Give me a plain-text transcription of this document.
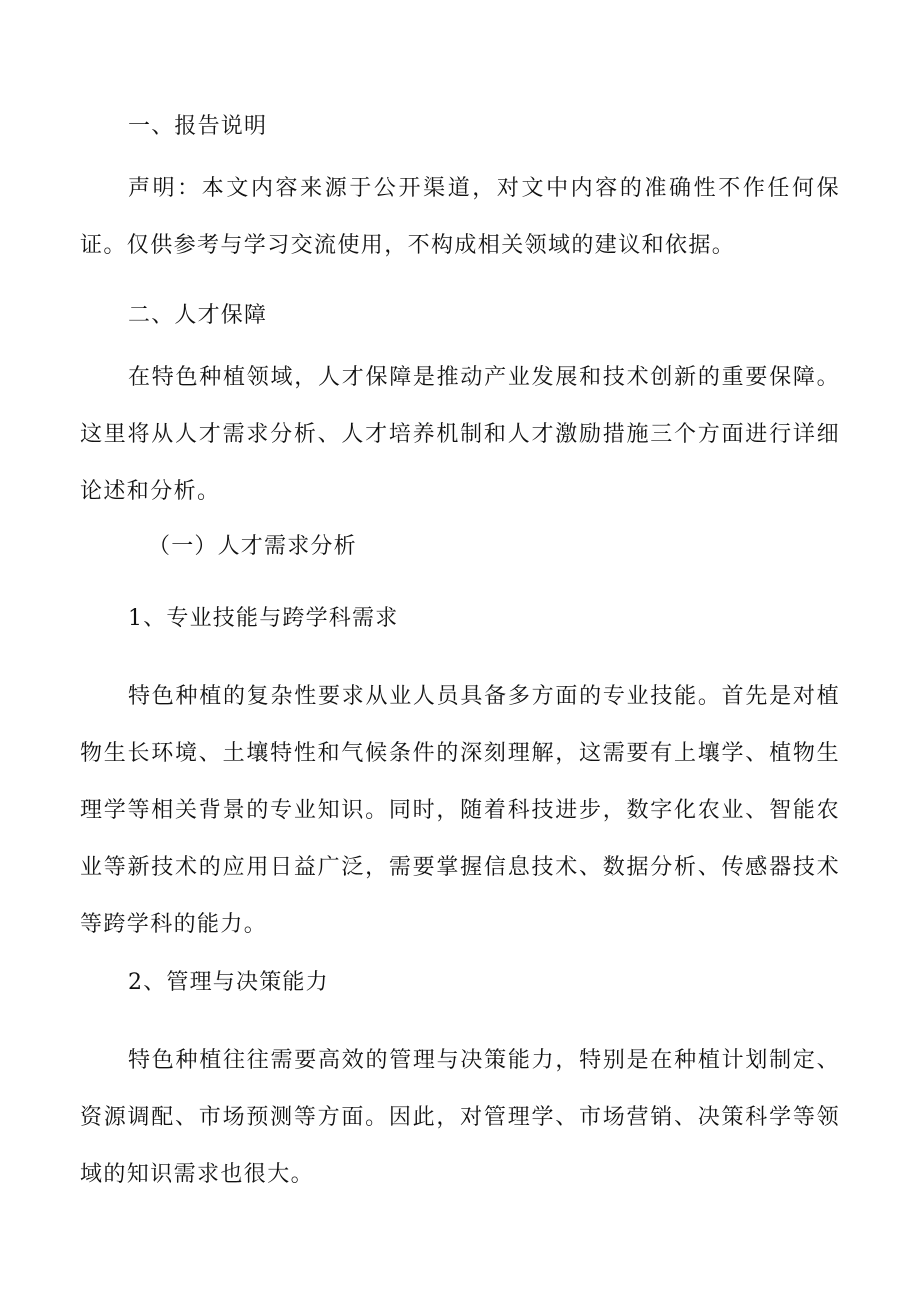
一、报告说明

声明：本文内容来源于公开渠道，对文中内容的准确性不作任何保证。仅供参考与学习交流使用，不构成相关领域的建议和依据。

二、人才保障

在特色种植领域，人才保障是推动产业发展和技术创新的重要保障。这里将从人才需求分析、人才培养机制和人才激励措施三个方面进行详细论述和分析。

（一）人才需求分析
1、专业技能与跨学科需求

特色种植的复杂性要求从业人员具备多方面的专业技能。首先是对植物生长环境、土壤特性和气候条件的深刻理解，这需要有上壤学、植物生理学等相关背景的专业知识。同时，随着科技进步，数字化农业、智能农业等新技术的应用日益广泛，需要掌握信息技术、数据分析、传感器技术等跨学科的能力。

2、管理与决策能力

特色种植往往需要高效的管理与决策能力，特别是在种植计划制定、资源调配、市场预测等方面。因此，对管理学、市场营销、决策科学等领域的知识需求也很大。
